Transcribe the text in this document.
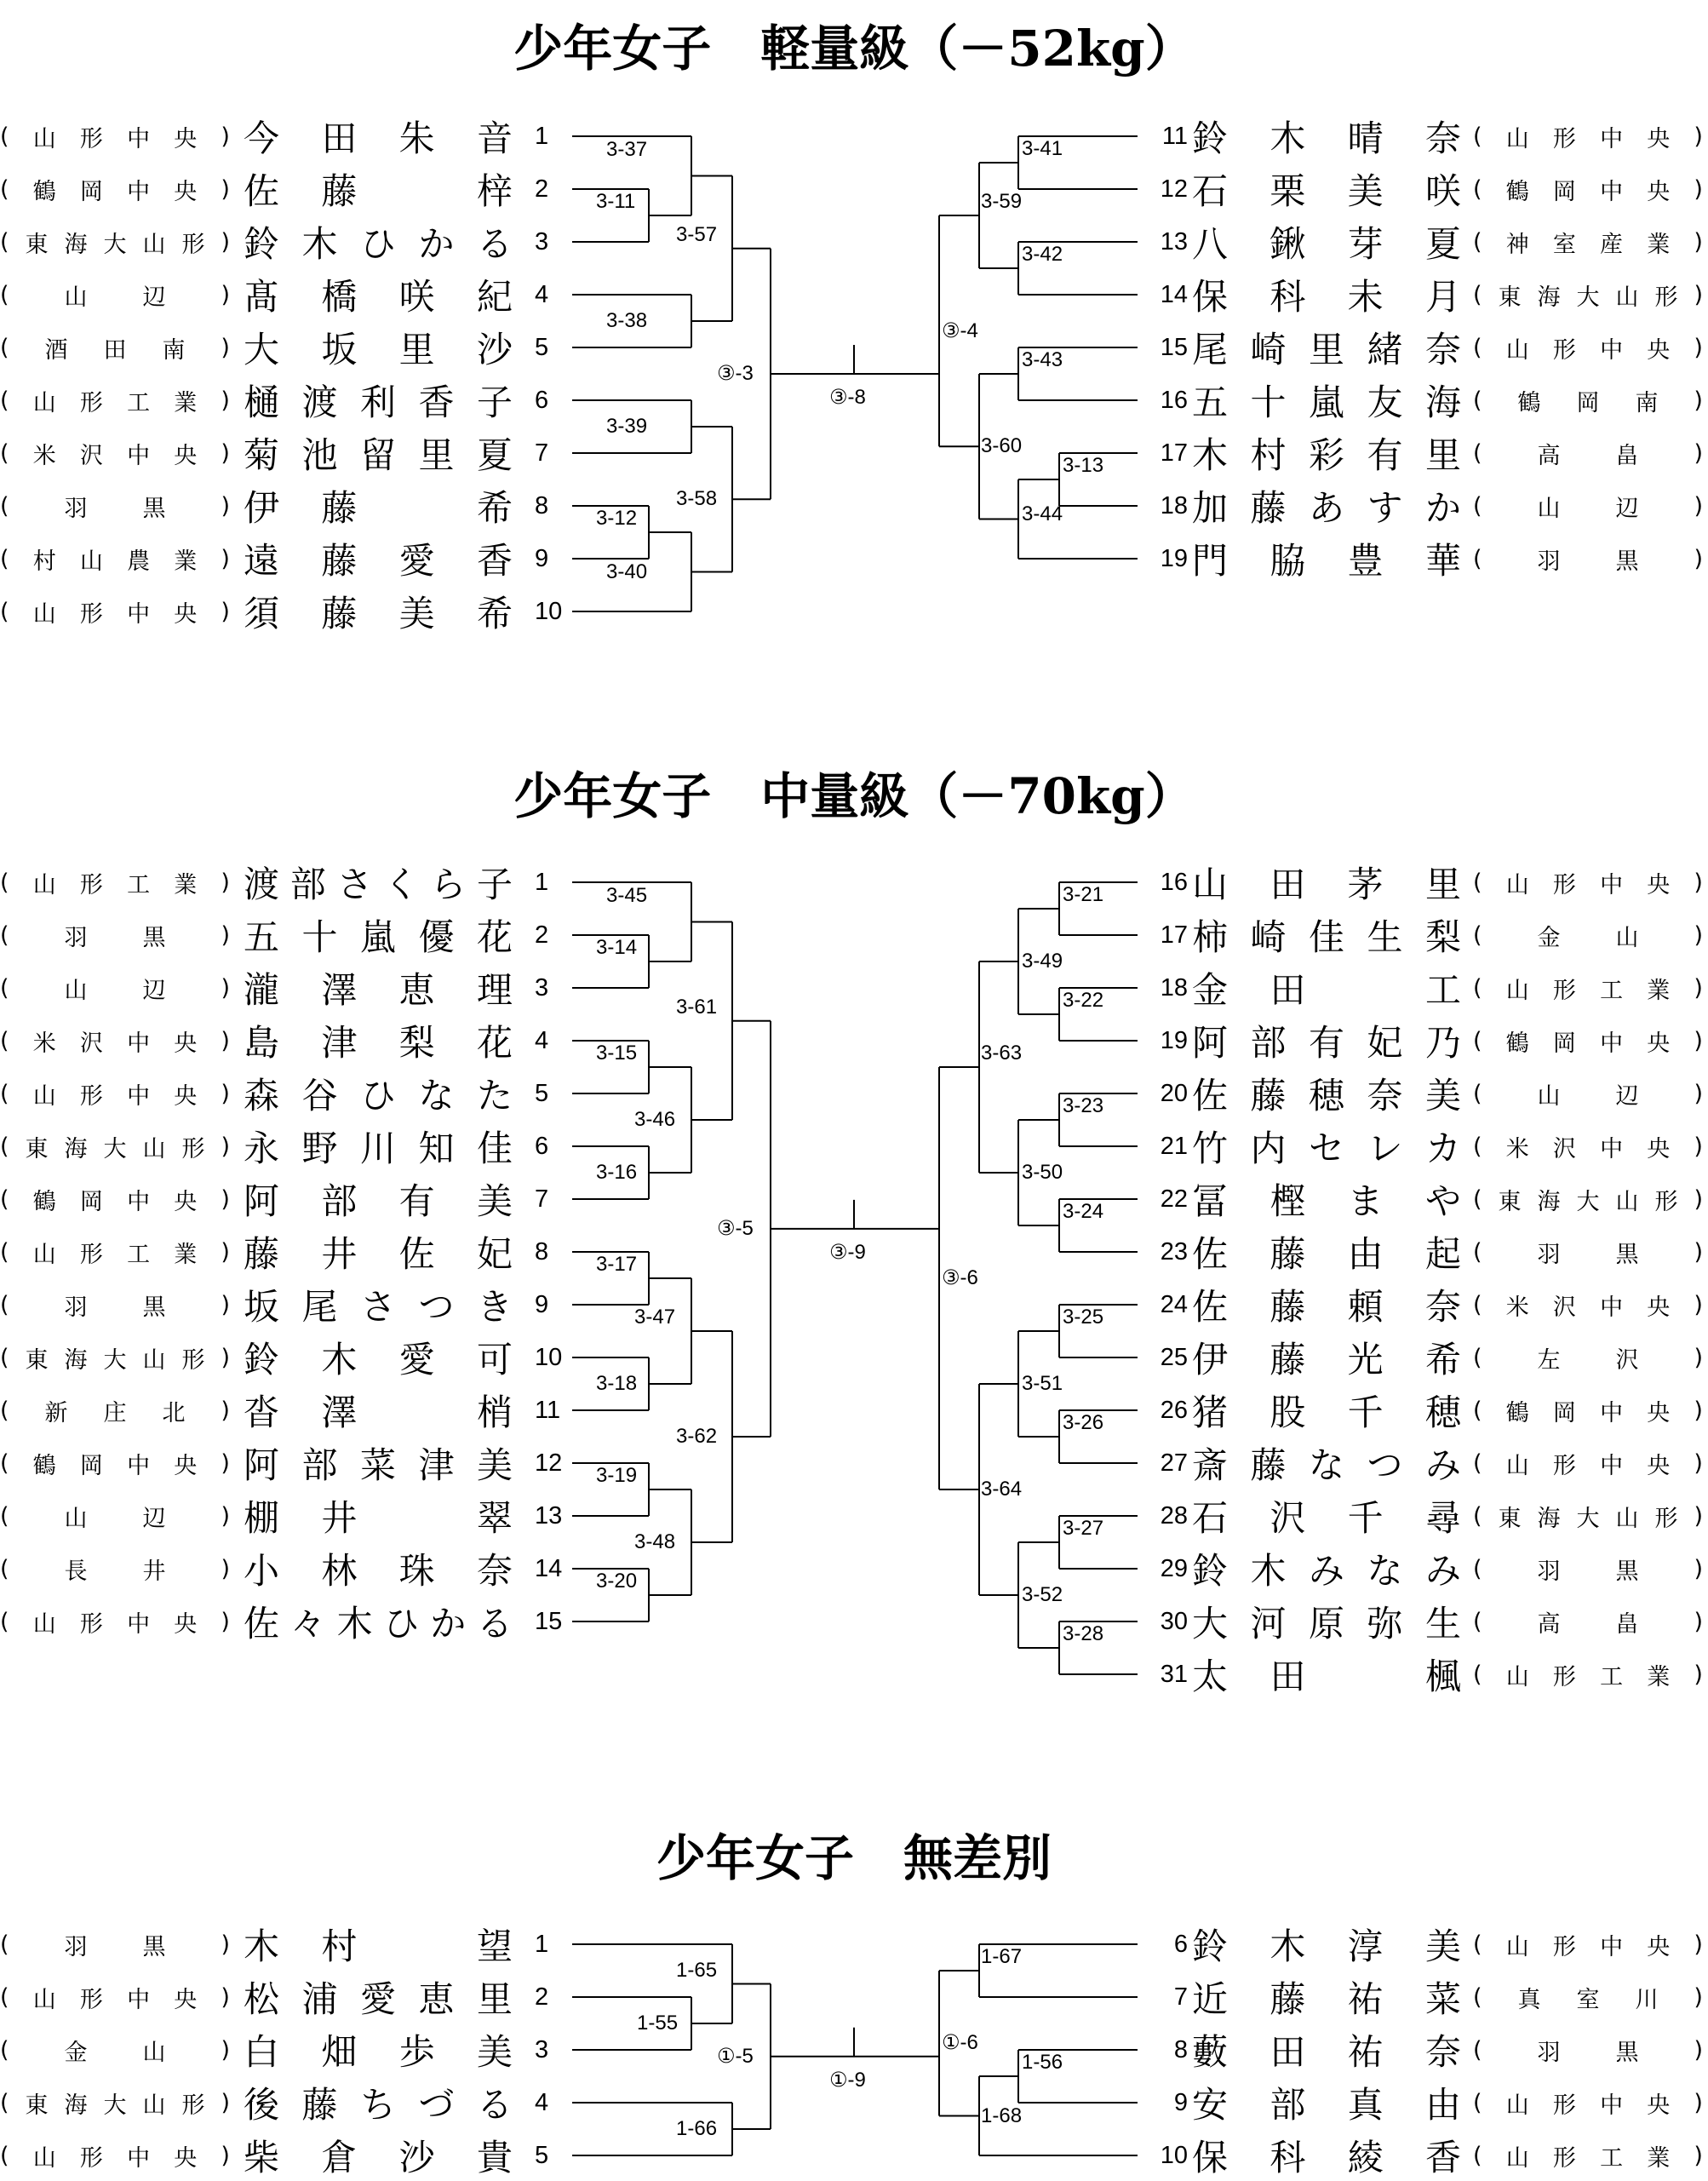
少年女子　軽量級（－52kg）
( 山 形 中 央 ) 今 田 朱 音 1
( 鶴 岡 中 央 ) 佐 藤	梓 2
( 東 海 大 山 形 ) 鈴 木 ひ か る 3
( 山 辺 ) 髙 橋 咲 紀 4
( 酒 田 南 ) 大 坂 里 沙 5
( 山 形 工 業 ) 樋 渡 利 香 子 6
( 米 沢 中 央 ) 菊 池 留 里 夏 7
( 羽 黒 ) 伊 藤	希 8
( 村 山 農 業 ) 遠 藤 愛 香 9
( 山 形 中 央 ) 須 藤 美 希 10
11 鈴 木 晴 奈 ( 山 形 中 央 )
12 石 栗 美 咲 ( 鶴 岡 中 央 )
13 八 鍬 芽 夏 ( 神 室 産 業 )
14 保 科 未 月 ( 東 海 大 山 形 )
15 尾 崎 里 緒 奈 ( 山 形 中 央 )
16 五 十 嵐 友 海 ( 鶴 岡 南 )
17 木 村 彩 有 里 ( 高 畠 )
18 加 藤 あ す か ( 山 辺 )
19 門 脇 豊 華 ( 羽 黒 )
少年女子　中量級（－70kg）
( 山 形 工 業 ) 渡 部 さ く ら 子 1
( 羽 黒 ) 五 十 嵐 優 花 2
( 山 辺 ) 瀧 澤 恵 理 3
( 米 沢 中 央 ) 島 津 梨 花 4
( 山 形 中 央 ) 森 谷 ひ な た 5
( 東 海 大 山 形 ) 永 野 川 知 佳 6
( 鶴 岡 中 央 ) 阿 部 有 美 7
( 山 形 工 業 ) 藤 井 佐 妃 8
( 羽 黒 ) 坂 尾 さ つ き 9
( 東 海 大 山 形 ) 鈴 木 愛 可 10
( 新 庄 北 ) 沓 澤	梢 11
( 鶴 岡 中 央 ) 阿 部 菜 津 美 12
( 山 辺 ) 棚 井	翠 13
( 長 井 ) 小 林 珠 奈 14
( 山 形 中 央 ) 佐 々 木 ひ か る 15
16 山 田 茅 里 ( 山 形 中 央 )
17 柿 崎 佳 生 梨 ( 金 山 )
18 金 田	工 ( 山 形 工 業 )
19 阿 部 有 妃 乃 ( 鶴 岡 中 央 )
20 佐 藤 穂 奈 美 ( 山 辺 )
21 竹 内 セ レ カ ( 米 沢 中 央 )
22 冨 樫 ま や ( 東 海 大 山 形 )
23 佐 藤 由 起 ( 羽 黒 )
24 佐 藤 頼 奈 ( 米 沢 中 央 )
25 伊 藤 光 希 ( 左 沢 )
26 猪 股 千 穂 ( 鶴 岡 中 央 )
27 斎 藤 な つ み ( 山 形 中 央 )
28 石 沢 千 尋 ( 東 海 大 山 形 )
29 鈴 木 み な み ( 羽 黒 )
30 大 河 原 弥 生 ( 高 畠 )
31 太 田	楓 ( 山 形 工 業 )
少年女子　無差別
( 羽 黒 ) 木 村	望 1
( 山 形 中 央 ) 松 浦 愛 恵 里 2
( 金 山 ) 白 畑 歩 美 3
( 東 海 大 山 形 ) 後 藤 ち づ る 4
( 山 形 中 央 ) 柴 倉 沙 貴 5
6 鈴 木 淳 美 ( 山 形 中 央 )
7 近 藤 祐 菜 ( 真 室 川 )
8 藪 田 祐 奈 ( 羽 黒 )
9 安 部 真 由 ( 山 形 中 央 )
10 保 科 綾 香 ( 山 形 工 業 )
3-11
3-37
3-38
3-57
3-39
3-12
3-40
3-58
③-3
③-8
3-41
3-42
3-59
3-43
3-13
3-44
3-60
③-4
3-14
3-45
3-15
3-16
3-46
3-61
3-17
3-18
3-47
3-19
3-20
3-48
3-62
③-5
③-9
3-21
3-22
3-23
3-24
3-25
3-26
3-27
3-28
3-49
3-50
3-51
3-52
3-63
3-64
③-6
1-55
1-65
1-66
①-5
①-9
1-67
1-56
1-68
①-6
